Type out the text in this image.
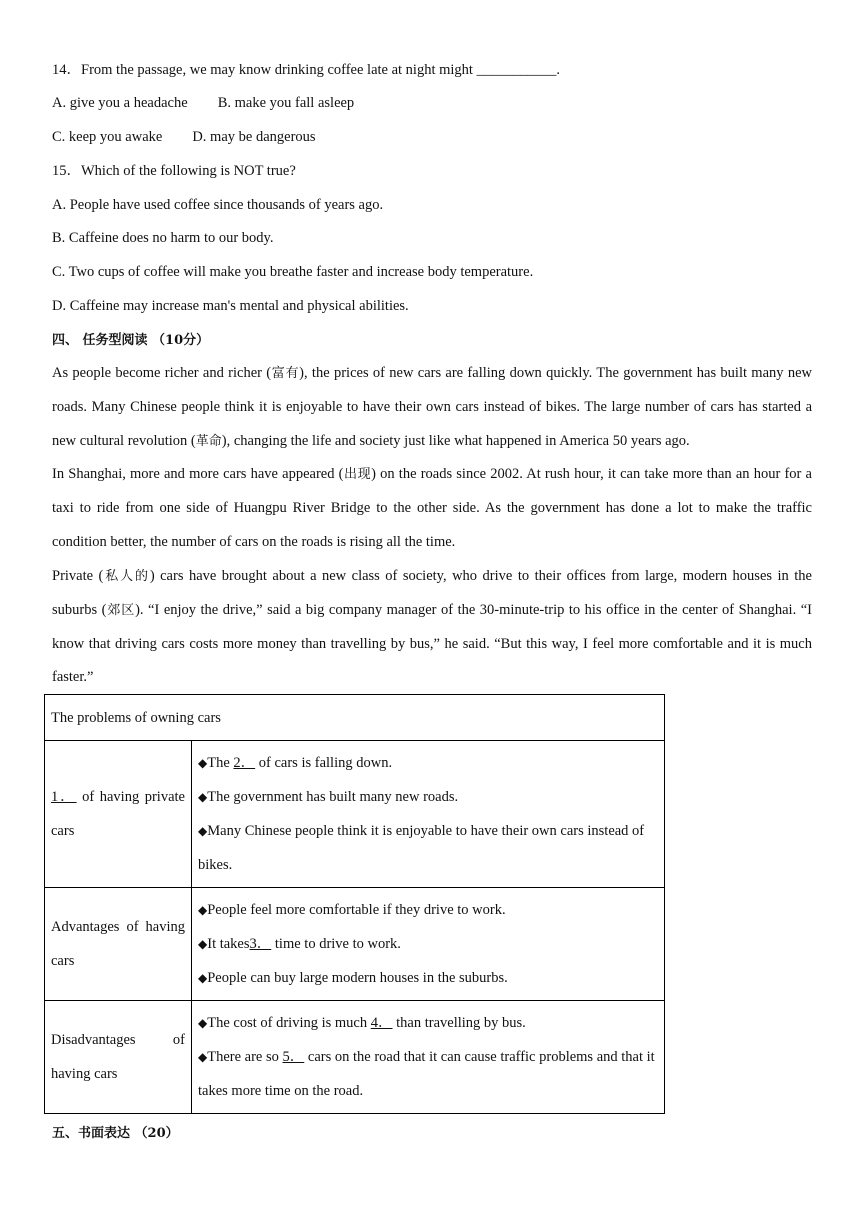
14．From the passage, we may know drinking coffee late at night might ___________.
A. give you a headache B. make you fall asleep
C. keep you awake D. may be dangerous
15．Which of the following is NOT true?
A. People have used coffee since thousands of years ago.
B. Caffeine does no harm to our body.
C. Two cups of coffee will make you breathe faster and increase body temperature.
D. Caffeine may increase man's mental and physical abilities.
四、 任务型阅读 （10分）
As people become richer and richer (富有), the prices of new cars are falling down quickly. The government has built many new roads. Many Chinese people think it is enjoyable to have their own cars instead of bikes. The large number of cars has started a new cultural revolution (革命), changing the life and society just like what happened in America 50 years ago.
In Shanghai, more and more cars have appeared (出现) on the roads since 2002. At rush hour, it can take more than an hour for a taxi to ride from one side of Huangpu River Bridge to the other side. As the government has done a lot to make the traffic condition better, the number of cars on the roads is rising all the time.
Private (私人的) cars have brought about a new class of society, who drive to their offices from large, modern houses in the suburbs (郊区). “I enjoy the drive,” said a big company manager of the 30-minute-trip to his office in the center of Shanghai. “I know that driving cars costs more money than travelling by bus,” he said. “But this way, I feel more comfortable and it is much faster.”
The problems of owning cars	
1． of having private cars	◆The 2． of cars is falling down.
◆The government has built many new roads.
◆Many Chinese people think it is enjoyable to have their own cars instead of bikes.

Advantages of having cars	◆People feel more comfortable if they drive to work.
◆It takes3． time to drive to work.
◆People can buy large modern houses in the suburbs.

Disadvantages of having cars	◆The cost of driving is much 4． than travelling by bus.
◆There are so 5． cars on the road that it can cause traffic problems and that it takes more time on the road.
五、书面表达 （20）
